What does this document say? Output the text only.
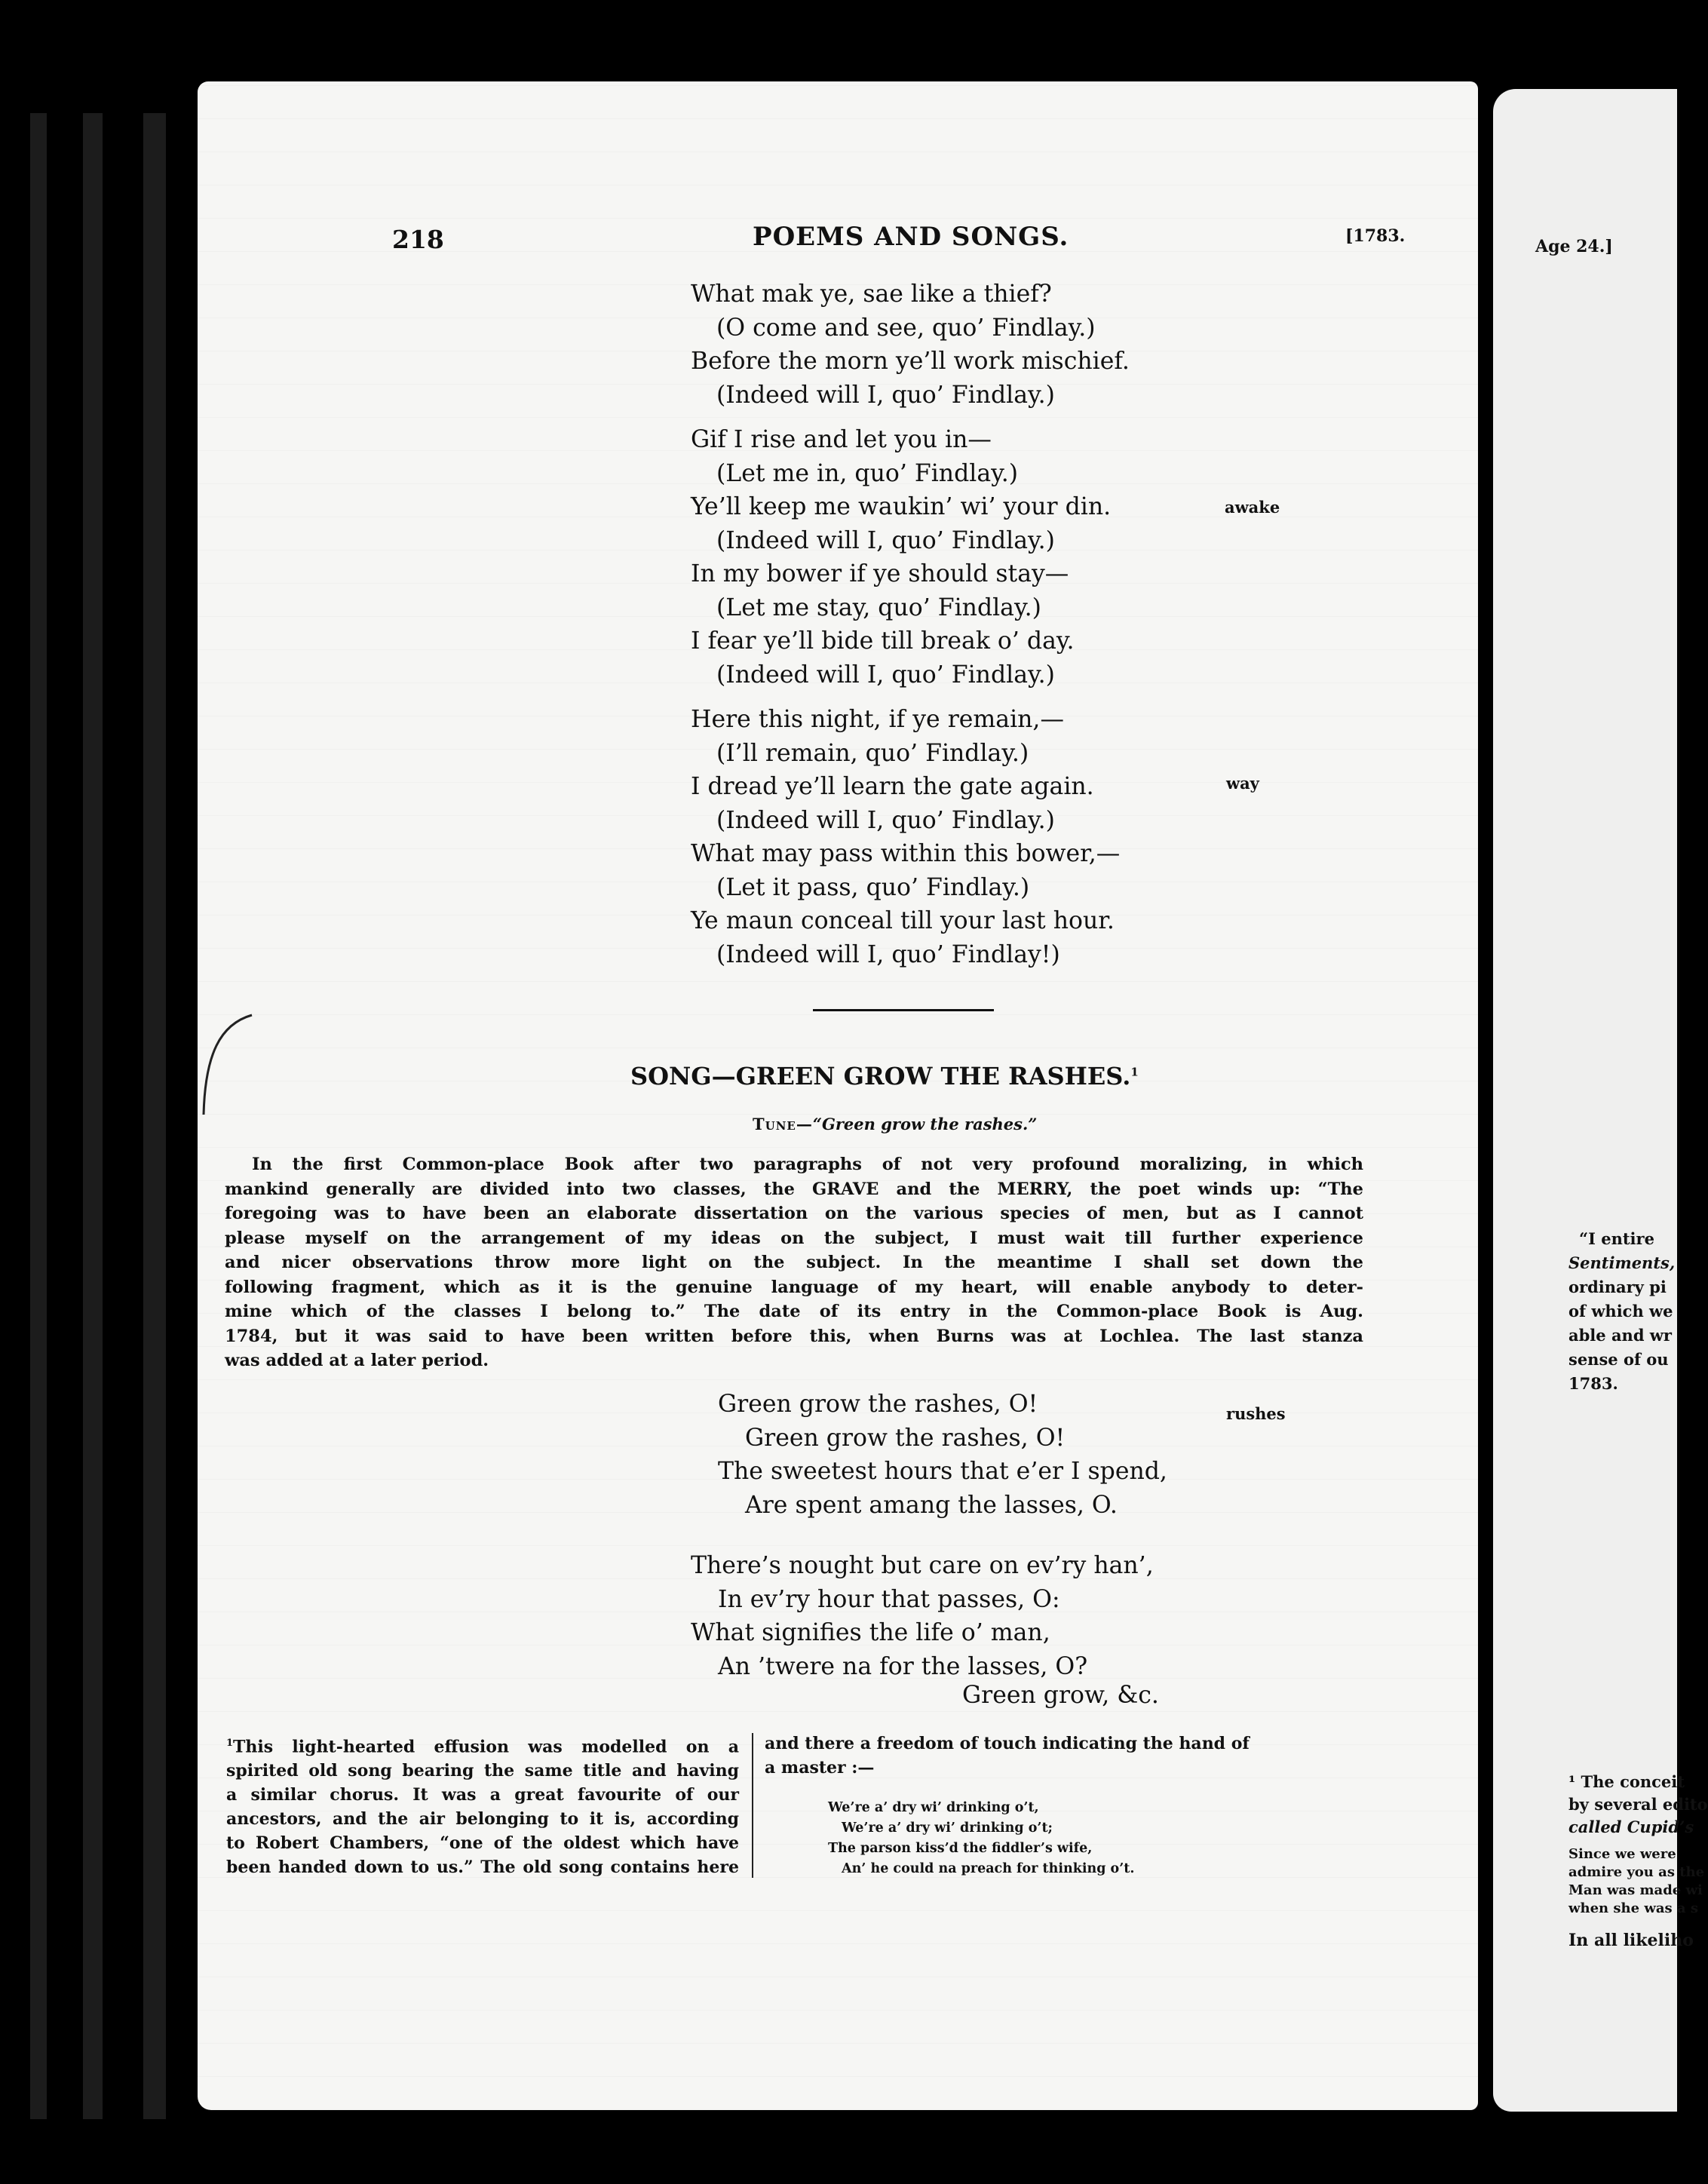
Age 24.]
“I entire
Sentiments,
ordinary pi
of which we
able and wr
sense of ou
1783.
¹ The conceit
by several edito
called Cupid’s
Since we were
admire you as the
Man was made wi
when she was a s
In all likeliho
218	POEMS AND SONGS.	[1783.
What mak ye, sae like a thief?
(O come and see, quo’ Findlay.)
Before the morn ye’ll work mischief.
(Indeed will I, quo’ Findlay.)
Gif I rise and let you in—
(Let me in, quo’ Findlay.)
Ye’ll keep me waukin’ wi’ your din.
(Indeed will I, quo’ Findlay.)
In my bower if ye should stay—
(Let me stay, quo’ Findlay.)
I fear ye’ll bide till break o’ day.
(Indeed will I, quo’ Findlay.)
Here this night, if ye remain,—
(I’ll remain, quo’ Findlay.)
I dread ye’ll learn the gate again.
(Indeed will I, quo’ Findlay.)
What may pass within this bower,—
(Let it pass, quo’ Findlay.)
Ye maun conceal till your last hour.
(Indeed will I, quo’ Findlay!)
awake
way
SONG—GREEN GROW THE RASHES.$^1$
Tune—“Green grow the rashes.”
In the first Common-place Book after two paragraphs of not very profound moralizing, in which
mankind generally are divided into two classes, the GRAVE and the MERRY, the poet winds up: “The
foregoing was to have been an elaborate dissertation on the various species of men, but as I cannot
please myself on the arrangement of my ideas on the subject, I must wait till further experience
and nicer observations throw more light on the subject. In the meantime I shall set down the
following fragment, which as it is the genuine language of my heart, will enable anybody to deter-
mine which of the classes I belong to.” The date of its entry in the Common-place Book is Aug.
1784, but it was said to have been written before this, when Burns was at Lochlea. The last stanza
was added at a later period.
Green grow the rashes, O!
Green grow the rashes, O!
The sweetest hours that e’er I spend,
Are spent amang the lasses, O.
rushes
There’s nought but care on ev’ry han’,
In ev’ry hour that passes, O:
What signifies the life o’ man,
An ’twere na for the lasses, O?
Green grow, &c.
$^1$This light-hearted effusion was modelled on a
spirited old song bearing the same title and having
a similar chorus. It was a great favourite of our
ancestors, and the air belonging to it is, according
to Robert Chambers, “one of the oldest which have
been handed down to us.” The old song contains here
and there a freedom of touch indicating the hand of
a master :—
We’re a’ dry wi’ drinking o’t,
We’re a’ dry wi’ drinking o’t;
The parson kiss’d the fiddler’s wife,
An’ he could na preach for thinking o’t.
